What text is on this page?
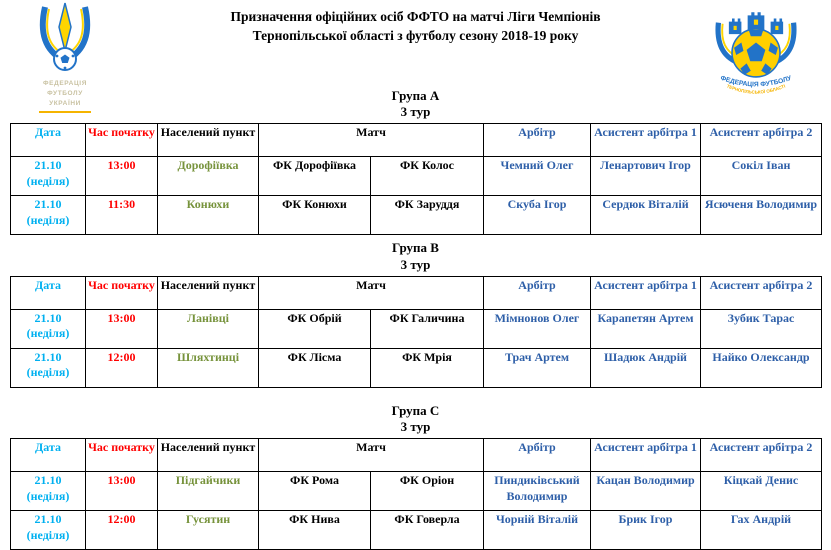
ФЕДЕРАЦІЯ
ФУТБОЛУ
УКРАЇНИ
ФЕДЕРАЦІЯ ФУТБОЛУ
ТЕРНОПІЛЬСЬКОЇ ОБЛАСТІ
Призначення офіційних осіб ФФТО на матчі Ліги Чемпіонів
Тернопільської області з футболу сезону 2018-19 року
Група А
3 тур
Дата	Час початку	Населений пункт	Матч		Арбітр	Асистент арбітра 1	Асистент арбітра 2
21.10
(неділя)	13:00	Дорофіївка	ФК Дорофіївка	ФК Колос	Чемний Олег	Ленартович Ігор	Сокіл Іван
21.10
(неділя)	11:30	Конюхи	ФК Конюхи	ФК Заруддя	Скуба Ігор	Сердюк Віталій	Ясюченя Володимир
Група В
3 тур
Дата	Час початку	Населений пункт	Матч		Арбітр	Асистент арбітра 1	Асистент арбітра 2
21.10
(неділя)	13:00	Ланівці	ФК Обрій	ФК Галичина	Мімнонов Олег	Карапетян Артем	Зубик Тарас
21.10
(неділя)	12:00	Шляхтинці	ФК Лісма	ФК Мрія	Трач Артем	Шадюк Андрій	Найко Олександр
Група С
3 тур
Дата	Час початку	Населений пункт	Матч		Арбітр	Асистент арбітра 1	Асистент арбітра 2
21.10
(неділя)	13:00	Підгайчики	ФК Рома	ФК Оріон	Пиндиківський Володимир	Кацан Володимир	Кіцкай Денис
21.10
(неділя)	12:00	Гусятин	ФК Нива	ФК Говерла	Чорній Віталій	Брик Ігор	Гах Андрій
